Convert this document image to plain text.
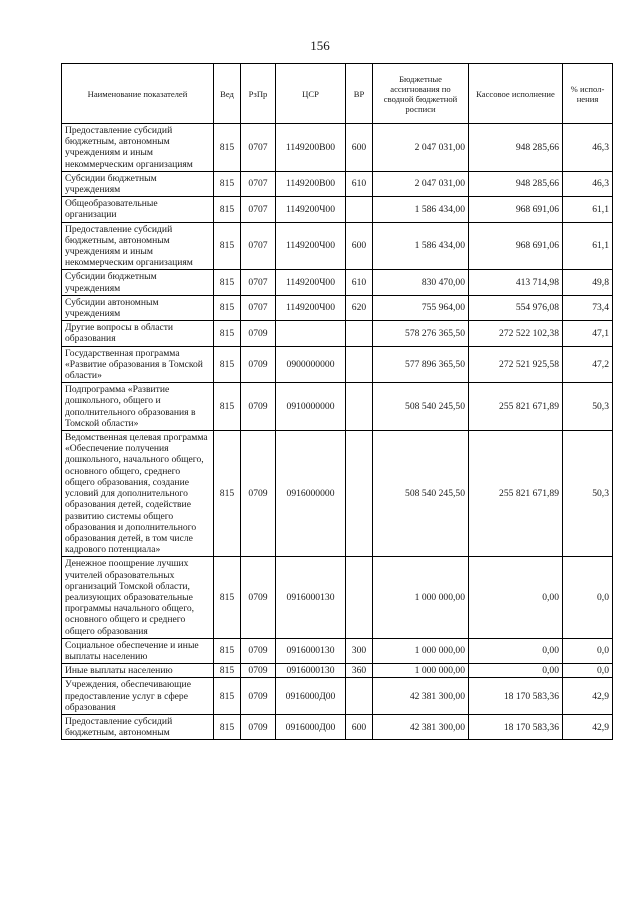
156
Наименование показателей	Вед	РзПр	ЦСР	ВР	Бюджетные ассигнования по сводной бюджетной росписи	Кассовое исполнение	% испол-нения
Предоставление субсидий бюджетным, автономным учреждениям и иным некоммерческим организациям	815	0707	1149200В00	600	2 047 031,00	948 285,66	46,3
Субсидии бюджетным учреждениям	815	0707	1149200В00	610	2 047 031,00	948 285,66	46,3
Общеобразовательные организации	815	0707	1149200Ч00		1 586 434,00	968 691,06	61,1
Предоставление субсидий бюджетным, автономным учреждениям и иным некоммерческим организациям	815	0707	1149200Ч00	600	1 586 434,00	968 691,06	61,1
Субсидии бюджетным учреждениям	815	0707	1149200Ч00	610	830 470,00	413 714,98	49,8
Субсидии автономным учреждениям	815	0707	1149200Ч00	620	755 964,00	554 976,08	73,4
Другие вопросы в области образования	815	0709			578 276 365,50	272 522 102,38	47,1
Государственная программа «Развитие образования в Томской области»	815	0709	0900000000		577 896 365,50	272 521 925,58	47,2
Подпрограмма «Развитие дошкольного, общего и дополнительного образования в Томской области»	815	0709	0910000000		508 540 245,50	255 821 671,89	50,3
Ведомственная целевая программа «Обеспечение получения дошкольного, начального общего, основного общего, среднего общего образования, создание условий для дополнительного образования детей, содействие развитию системы общего образования и дополнительного образования детей, в том числе кадрового потенциала»	815	0709	0916000000		508 540 245,50	255 821 671,89	50,3
Денежное поощрение лучших учителей образовательных организаций Томской области, реализующих образовательные программы начального общего, основного общего и среднего общего образования	815	0709	0916000130		1 000 000,00	0,00	0,0
Социальное обеспечение и иные выплаты населению	815	0709	0916000130	300	1 000 000,00	0,00	0,0
Иные выплаты населению	815	0709	0916000130	360	1 000 000,00	0,00	0,0
Учреждения, обеспечивающие предоставление услуг в сфере образования	815	0709	0916000Д00		42 381 300,00	18 170 583,36	42,9
Предоставление субсидий бюджетным, автономным	815	0709	0916000Д00	600	42 381 300,00	18 170 583,36	42,9
